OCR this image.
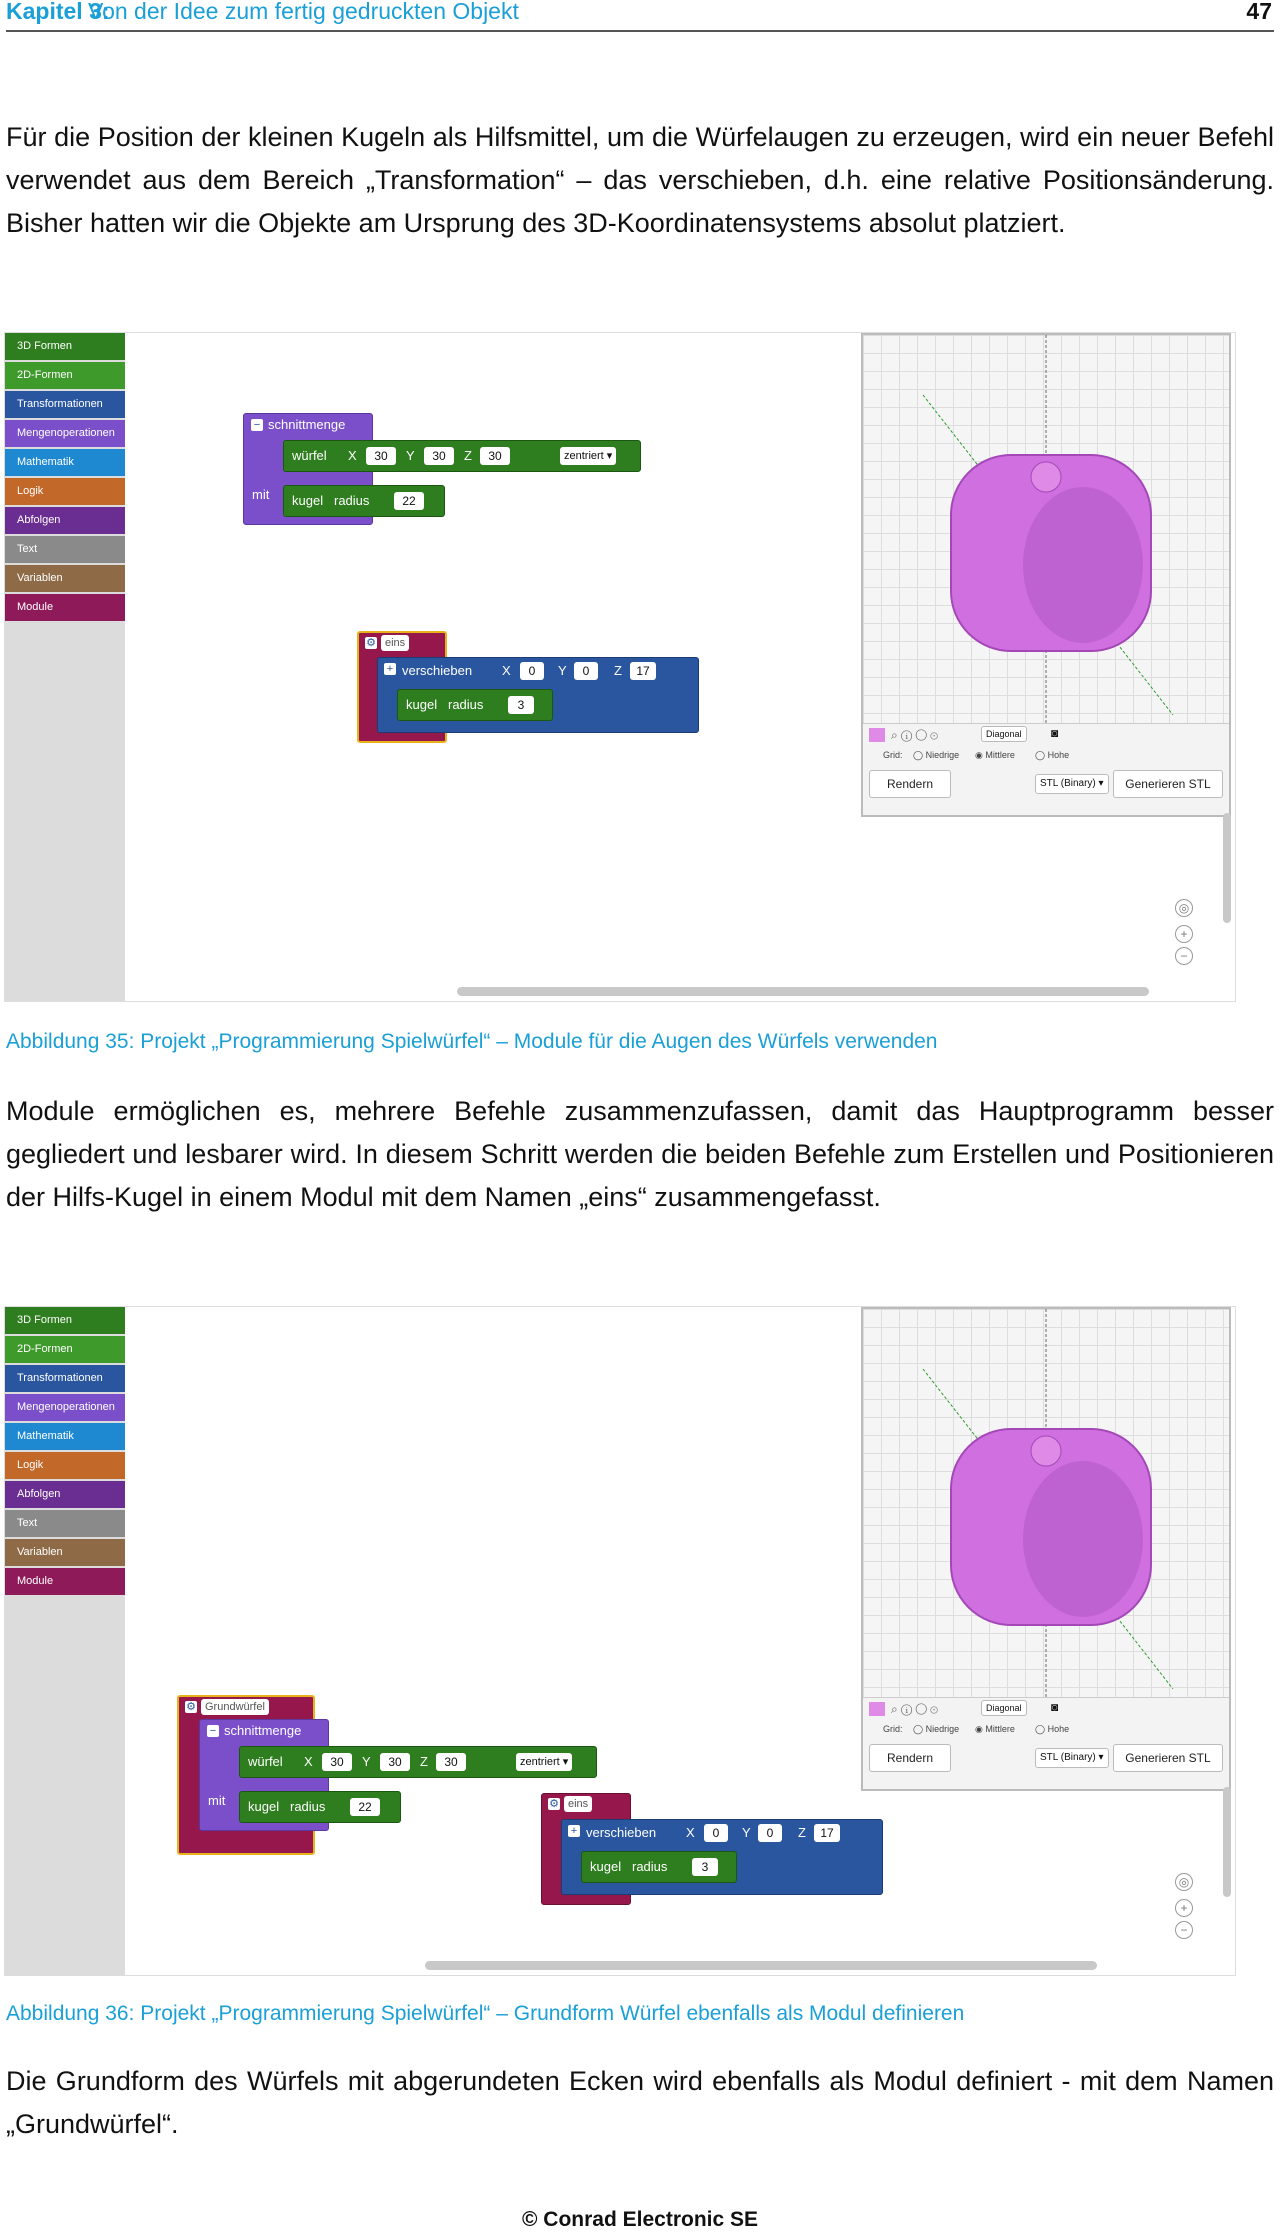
Kapitel 3:
Von der Idee zum fertig gedruckten Objekt	47
Für die Position der kleinen Kugeln als Hilfsmittel, um die Würfelaugen zu erzeugen, wird ein neuer Befehl verwendet aus dem Bereich „Transformation“ – das verschieben, d.h. eine relative Positionsänderung. Bisher hatten wir die Objekte am Ursprung des 3D-Koordinatensystems absolut platziert.
3D Formen
2D-Formen
Transformationen
Mengenoperationen
Mathematik
Logik
Abfolgen
Text
Variablen
Module
− schnittmenge
mit
würfel X	30	Y	30	Z	30	zentriert ▾
kugel radius	22
⚙ eins
+ verschieben X	0	Y	0	Z	17
kugel radius	3
⌕ ⓘ ◯ ⊙	Diagonal	◙
Grid: ◯ Niedrige ◉ Mittlere ◯ Hohe
Rendern	STL (Binary) ▾	Generieren STL
◎
+
−
Abbildung 35: Projekt „Programmierung Spielwürfel“ – Module für die Augen des Würfels verwenden
Module ermöglichen es, mehrere Befehle zusammenzufassen, damit das Hauptprogramm besser gegliedert und lesbarer wird. In diesem Schritt werden die beiden Befehle zum Erstellen und Positionieren der Hilfs-Kugel in einem Modul mit dem Namen „eins“ zusammengefasst.
3D Formen
2D-Formen
Transformationen
Mengenoperationen
Mathematik
Logik
Abfolgen
Text
Variablen
Module
⚙ Grundwürfel
− schnittmenge
mit
würfel X	30	Y	30	Z	30	zentriert ▾
kugel radius	22	⚙ eins
+ verschieben X	0	Y	0	Z	17
kugel radius	3
⌕ ⓘ ◯ ⊙	Diagonal	◙
Grid: ◯ Niedrige ◉ Mittlere ◯ Hohe
Rendern	STL (Binary) ▾	Generieren STL
◎
+
−
Abbildung 36: Projekt „Programmierung Spielwürfel“ – Grundform Würfel ebenfalls als Modul definieren
Die Grundform des Würfels mit abgerundeten Ecken wird ebenfalls als Modul definiert - mit dem Namen „Grundwürfel“.
© Conrad Electronic SE
